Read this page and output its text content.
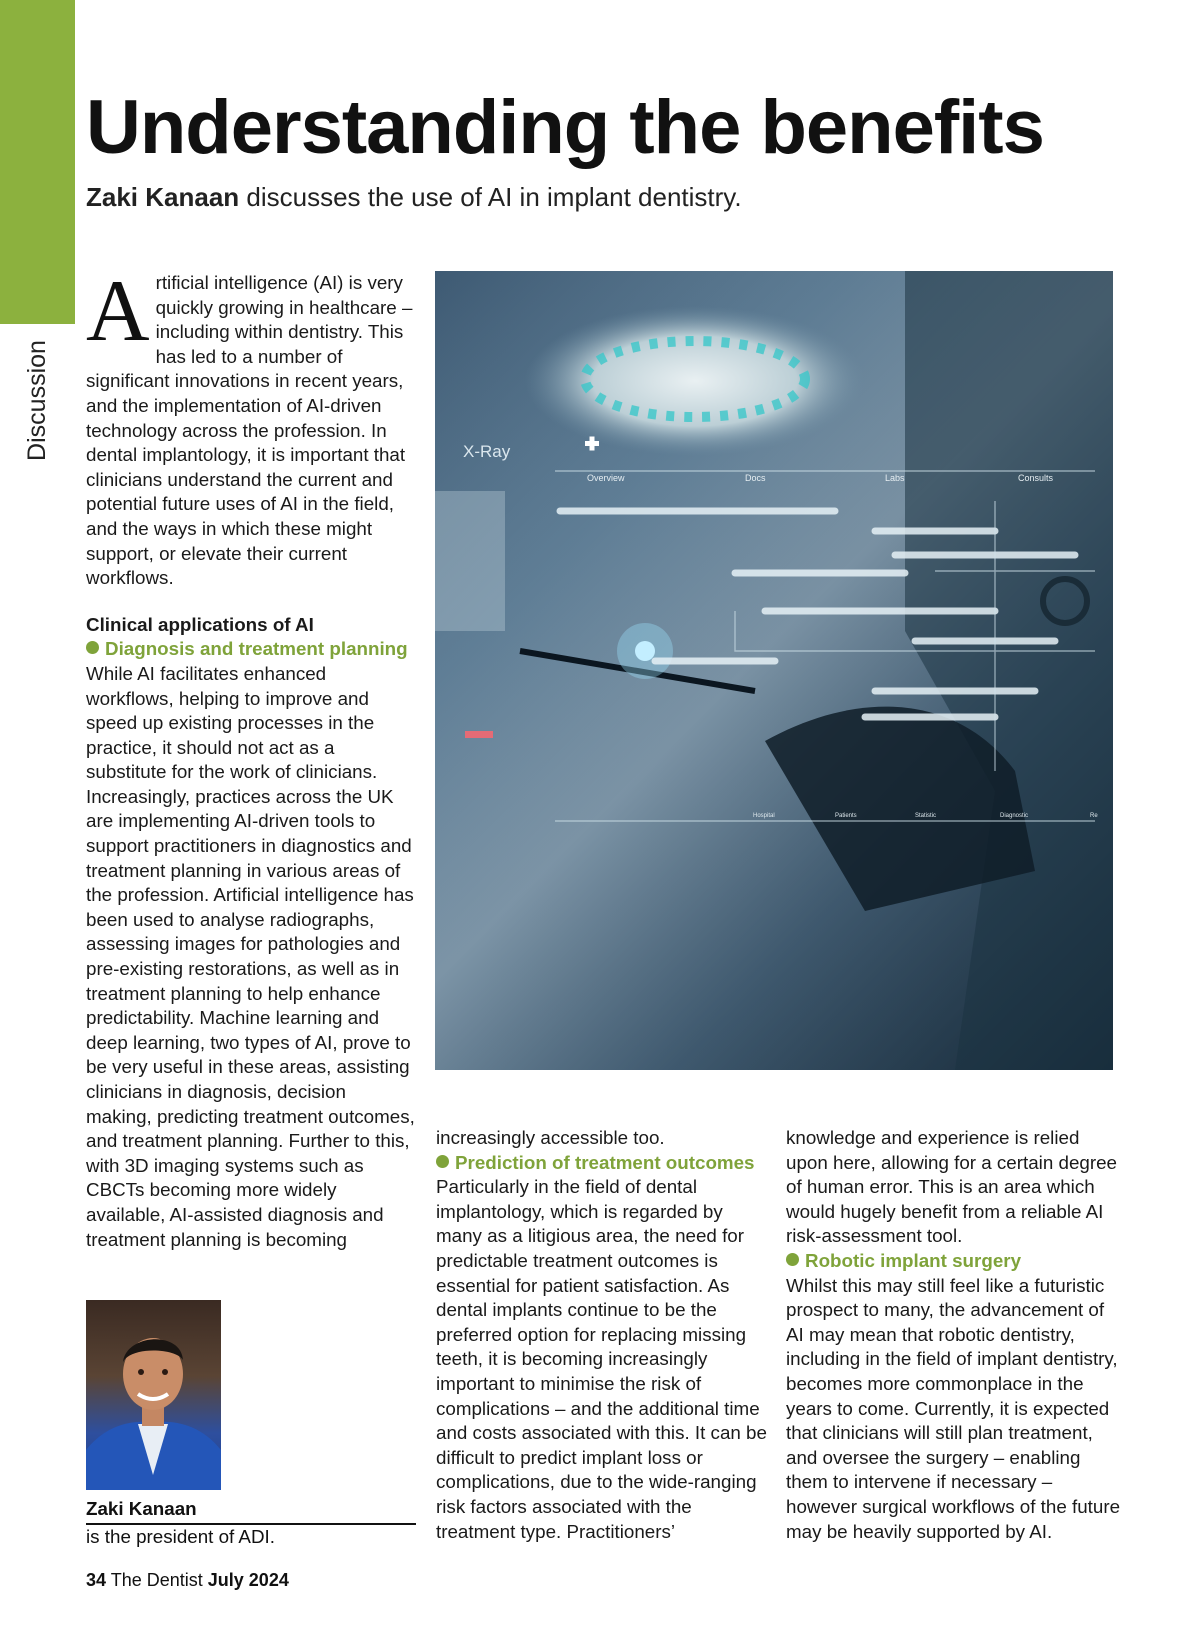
Discussion
Understanding the benefits

Zaki Kanaan discusses the use of AI in implant dentistry.

Artificial intelligence (AI) is very quickly growing in healthcare – including within dentistry. This has led to a number of significant innovations in recent years, and the implementation of AI-driven technology across the profession. In dental implantology, it is important that clinicians understand the current and potential future uses of AI in the field, and the ways in which these might support, or elevate their current workflows.

Clinical applications of AI

Diagnosis and treatment planning

While AI facilitates enhanced workflows, helping to improve and speed up existing processes in the practice, it should not act as a substitute for the work of clinicians. Increasingly, practices across the UK are implementing AI-driven tools to support practitioners in diagnostics and treatment planning in various areas of the profession. Artificial intelligence has been used to analyse radiographs, assessing images for pathologies and pre-existing restorations, as well as in treatment planning to help enhance predictability. Machine learning and deep learning, two types of AI, prove to be very useful in these areas, assisting clinicians in diagnosis, decision making, predicting treatment outcomes, and treatment planning. Further to this, with 3D imaging systems such as CBCTs becoming more widely available, AI-assisted diagnosis and treatment planning is becoming

X-Ray
Overview	Docs	Labs	Consults
Hospital	Patients	Statistic	Diagnostic	Re

increasingly accessible too.

Prediction of treatment outcomes

Particularly in the field of dental implantology, which is regarded by many as a litigious area, the need for predictable treatment outcomes is essential for patient satisfaction. As dental implants continue to be the preferred option for replacing missing teeth, it is becoming increasingly important to minimise the risk of complications – and the additional time and costs associated with this. It can be difficult to predict implant loss or complications, due to the wide-ranging risk factors associated with the treatment type. Practitioners’

knowledge and experience is relied upon here, allowing for a certain degree of human error. This is an area which would hugely benefit from a reliable AI risk-assessment tool.

Robotic implant surgery

Whilst this may still feel like a futuristic prospect to many, the advancement of AI may mean that robotic dentistry, including in the field of implant dentistry, becomes more commonplace in the years to come. Currently, it is expected that clinicians will still plan treatment, and oversee the surgery – enabling them to intervene if necessary – however surgical workflows of the future may be heavily supported by AI.

Zaki Kanaan
is the president of ADI.
34 The Dentist July 2024
